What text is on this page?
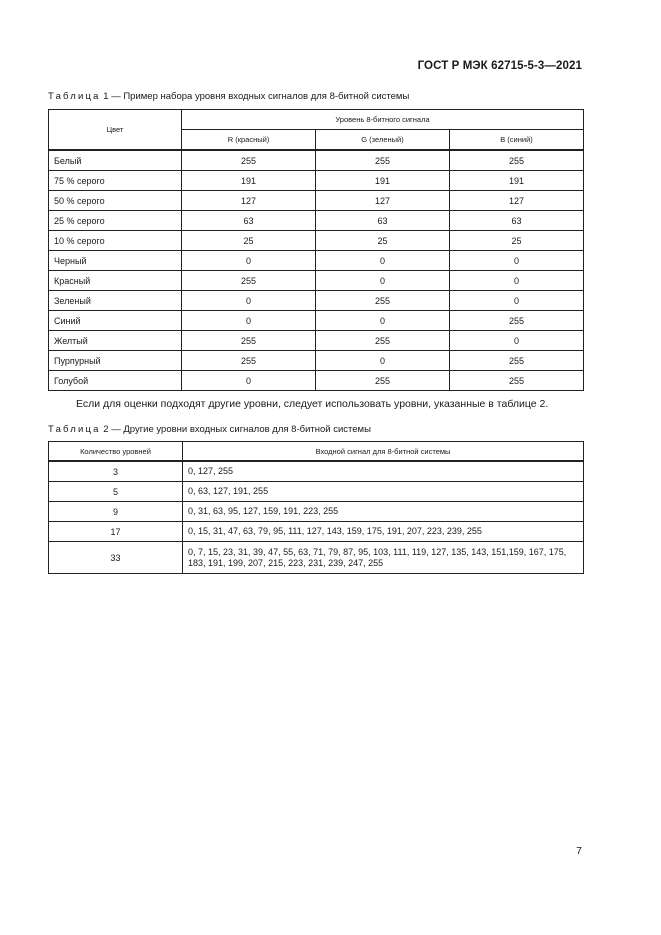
ГОСТ Р МЭК 62715-5-3—2021
Таблица 1 — Пример набора уровня входных сигналов для 8-битной системы
Цвет	Уровень 8-битного сигнала		
	R (красный)	G (зеленый)	B (синий)
Белый	255	255	255
75 % серого	191	191	191
50 % серого	127	127	127
25 % серого	63	63	63
10 % серого	25	25	25
Черный	0	0	0
Красный	255	0	0
Зеленый	0	255	0
Синий	0	0	255
Желтый	255	255	0
Пурпурный	255	0	255
Голубой	0	255	255
Если для оценки подходят другие уровни, следует использовать уровни, указанные в таблице 2.
Таблица 2 — Другие уровни входных сигналов для 8-битной системы
Количество уровней	Входной сигнал для 8-битной системы
3	0, 127, 255
5	0, 63, 127, 191, 255
9	0, 31, 63, 95, 127, 159, 191, 223, 255
17	0, 15, 31, 47, 63, 79, 95, 111, 127, 143, 159, 175, 191, 207, 223, 239, 255
33	0, 7, 15, 23, 31, 39, 47, 55, 63, 71, 79, 87, 95, 103, 111, 119, 127, 135, 143, 151,159, 167, 175, 183, 191, 199, 207, 215, 223, 231, 239, 247, 255
7
